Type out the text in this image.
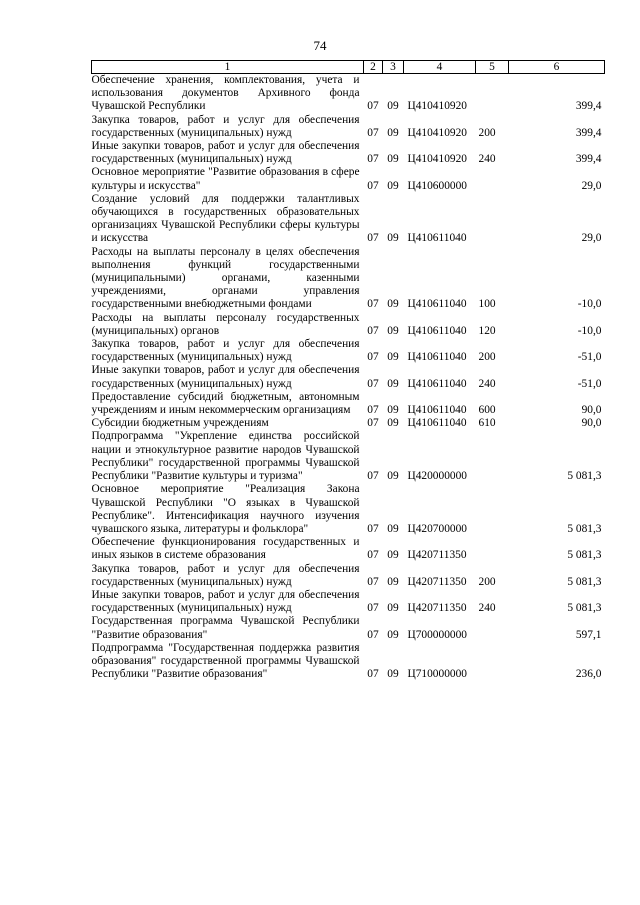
74
1	2	3	4	5	6
Обеспечение хранения, комплектования, учета и использования документов Архивного фонда Чувашской Республики	07	09	Ц410410920		399,4
Закупка товаров, работ и услуг для обеспечения государственных (муниципальных) нужд	07	09	Ц410410920	200	399,4
Иные закупки товаров, работ и услуг для обеспечения государственных (муниципальных) нужд	07	09	Ц410410920	240	399,4
Основное мероприятие "Развитие образования в сфере культуры и искусства"	07	09	Ц410600000		29,0
Создание условий для поддержки талантливых обучающихся в государственных образовательных организациях Чувашской Республики сферы культуры и искусства	07	09	Ц410611040		29,0
Расходы на выплаты персоналу в целях обеспечения выполнения функций государственными (муниципальными) органами, казенными учреждениями, органами управления государственными внебюджетными фондами	07	09	Ц410611040	100	-10,0
Расходы на выплаты персоналу государственных (муниципальных) органов	07	09	Ц410611040	120	-10,0
Закупка товаров, работ и услуг для обеспечения государственных (муниципальных) нужд	07	09	Ц410611040	200	-51,0
Иные закупки товаров, работ и услуг для обеспечения государственных (муниципальных) нужд	07	09	Ц410611040	240	-51,0
Предоставление субсидий бюджетным, автономным учреждениям и иным некоммерческим организациям	07	09	Ц410611040	600	90,0
Субсидии бюджетным учреждениям	07	09	Ц410611040	610	90,0
Подпрограмма "Укрепление единства российской нации и этнокультурное развитие народов Чувашской Республики" государственной программы Чувашской Республики "Развитие культуры и туризма"	07	09	Ц420000000		5 081,3
Основное мероприятие "Реализация Закона Чувашской Республики "О языках в Чувашской Республике". Интенсификация научного изучения чувашского языка, литературы и фольклора"	07	09	Ц420700000		5 081,3
Обеспечение функционирования государственных и иных языков в системе образования	07	09	Ц420711350		5 081,3
Закупка товаров, работ и услуг для обеспечения государственных (муниципальных) нужд	07	09	Ц420711350	200	5 081,3
Иные закупки товаров, работ и услуг для обеспечения государственных (муниципальных) нужд	07	09	Ц420711350	240	5 081,3
Государственная программа Чувашской Республики "Развитие образования"	07	09	Ц700000000		597,1
Подпрограмма "Государственная поддержка развития образования" государственной программы Чувашской Республики "Развитие образования"	07	09	Ц710000000		236,0
